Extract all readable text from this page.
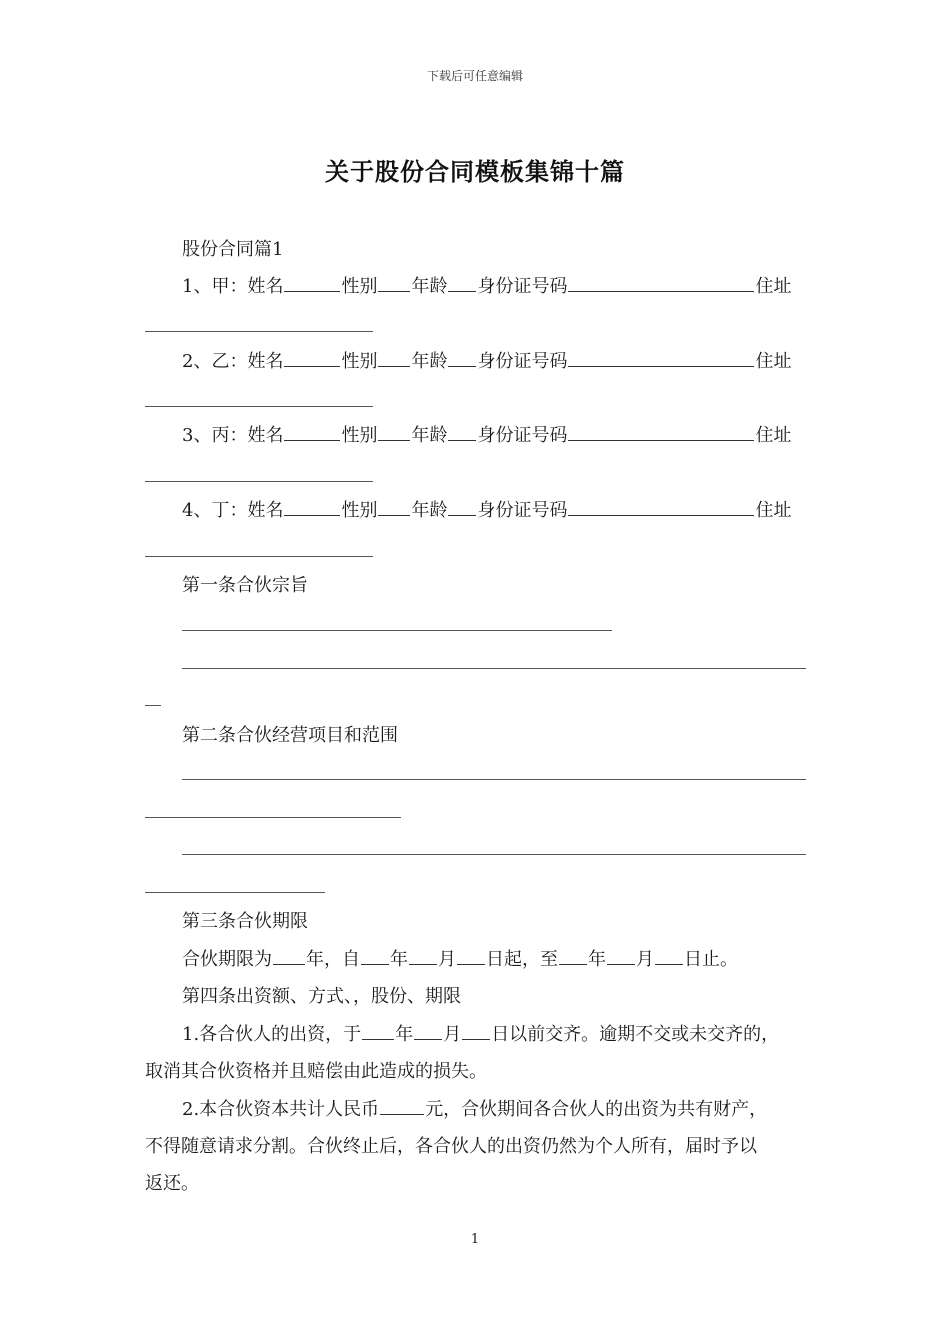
下载后可任意编辑
关于股份合同模板集锦十篇
股份合同篇1
1、甲：姓名	性别 年龄 身份证号码	住址
2、乙：姓名	性别 年龄 身份证号码	住址
3、丙：姓名	性别 年龄 身份证号码	住址
4、丁：姓名	性别 年龄 身份证号码	住址
第一条合伙宗旨
第二条合伙经营项目和范围
第三条合伙期限
合伙期限为 年，自 年 月 日起，至 年 月 日止。
第四条出资额、方式、，股份、期限
1.各合伙人的出资，于 年 月 日以前交齐。逾期不交或未交齐的，
取消其合伙资格并且赔偿由此造成的损失。
2.本合伙资本共计人民币	元，合伙期间各合伙人的出资为共有财产，
不得随意请求分割。合伙终止后，各合伙人的出资仍然为个人所有，届时予以
返还。
1
